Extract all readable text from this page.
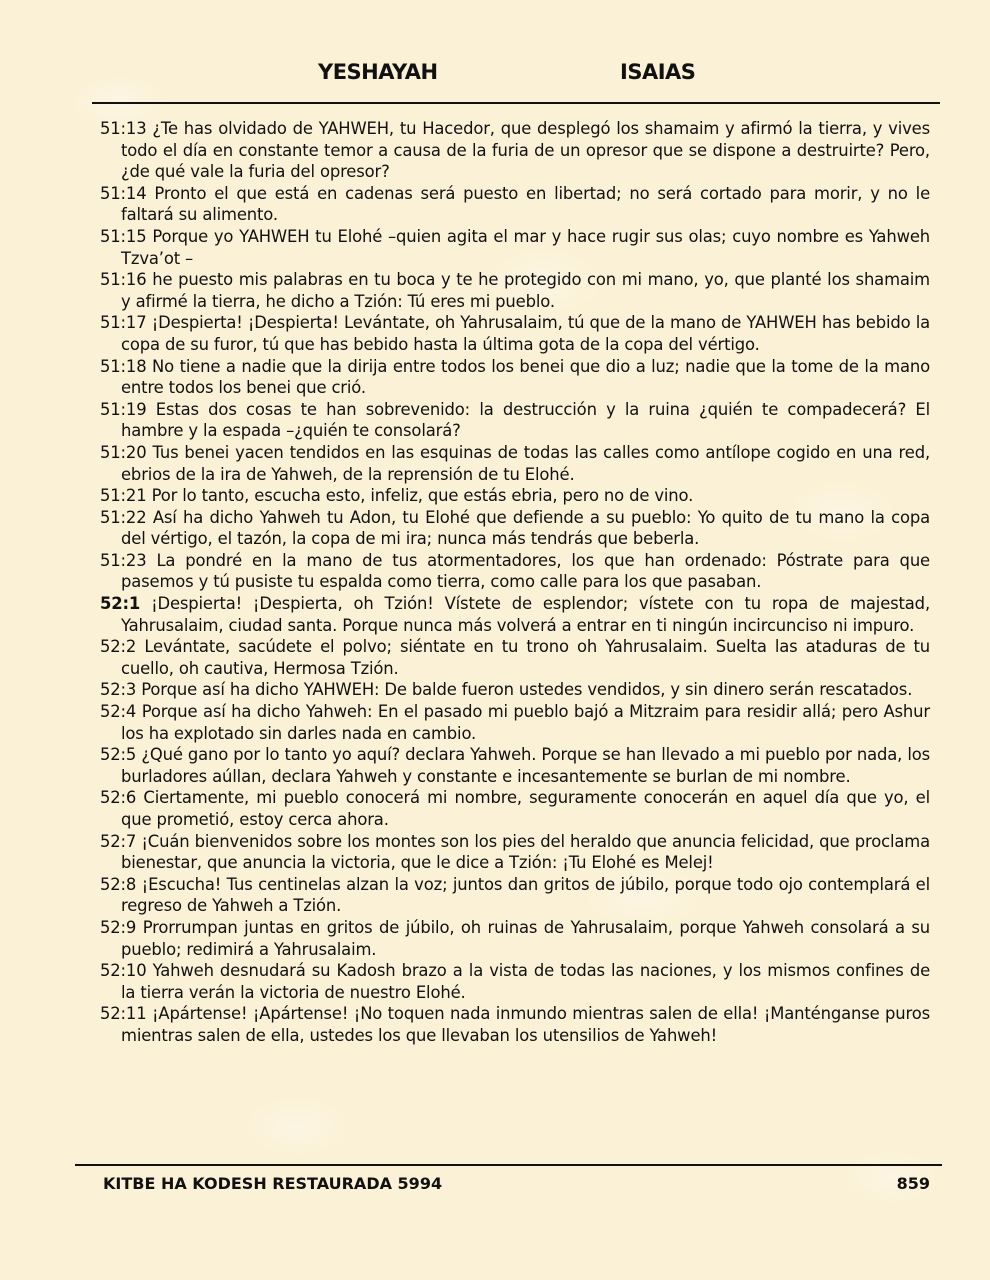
YESHAYAH	ISAIAS
51:13 ¿Te has olvidado de YAHWEH, tu Hacedor, que desplegó los shamaim y afirmó la tierra, y vives todo el día en constante temor a causa de la furia de un opresor que se dispone a destruirte? Pero, ¿de qué vale la furia del opresor?
51:14 Pronto el que está en cadenas será puesto en libertad; no será cortado para morir, y no le faltará su alimento.
51:15 Porque yo YAHWEH tu Elohé –quien agita el mar y hace rugir sus olas; cuyo nombre es Yahweh Tzva’ot –
51:16 he puesto mis palabras en tu boca y te he protegido con mi mano, yo, que planté los shamaim y afirmé la tierra, he dicho a Tzión: Tú eres mi pueblo.
51:17 ¡Despierta! ¡Despierta! Levántate, oh Yahrusalaim, tú que de la mano de YAHWEH has bebido la copa de su furor, tú que has bebido hasta la última gota de la copa del vértigo.
51:18 No tiene a nadie que la dirija entre todos los benei que dio a luz; nadie que la tome de la mano entre todos los benei que crió.
51:19 Estas dos cosas te han sobrevenido: la destrucción y la ruina ¿quién te compadecerá? El hambre y la espada –¿quién te consolará?
51:20 Tus benei yacen tendidos en las esquinas de todas las calles como antílope cogido en una red, ebrios de la ira de Yahweh, de la reprensión de tu Elohé.
51:21 Por lo tanto, escucha esto, infeliz, que estás ebria, pero no de vino.
51:22 Así ha dicho Yahweh tu Adon, tu Elohé que defiende a su pueblo: Yo quito de tu mano la copa del vértigo, el tazón, la copa de mi ira; nunca más tendrás que beberla.
51:23 La pondré en la mano de tus atormentadores, los que han ordenado: Póstrate para que pasemos y tú pusiste tu espalda como tierra, como calle para los que pasaban.
52:1 ¡Despierta! ¡Despierta, oh Tzión! Vístete de esplendor; vístete con tu ropa de majestad, Yahrusalaim, ciudad santa. Porque nunca más volverá a entrar en ti ningún incircunciso ni impuro.
52:2 Levántate, sacúdete el polvo; siéntate en tu trono oh Yahrusalaim. Suelta las ataduras de tu cuello, oh cautiva, Hermosa Tzión.
52:3 Porque así ha dicho YAHWEH: De balde fueron ustedes vendidos, y sin dinero serán rescatados.
52:4 Porque así ha dicho Yahweh: En el pasado mi pueblo bajó a Mitzraim para residir allá; pero Ashur los ha explotado sin darles nada en cambio.
52:5 ¿Qué gano por lo tanto yo aquí? declara Yahweh. Porque se han llevado a mi pueblo por nada, los burladores aúllan, declara Yahweh y constante e incesantemente se burlan de mi nombre.
52:6 Ciertamente, mi pueblo conocerá mi nombre, seguramente conocerán en aquel día que yo, el que prometió, estoy cerca ahora.
52:7 ¡Cuán bienvenidos sobre los montes son los pies del heraldo que anuncia felicidad, que proclama bienestar, que anuncia la victoria, que le dice a Tzión: ¡Tu Elohé es Melej!
52:8 ¡Escucha! Tus centinelas alzan la voz; juntos dan gritos de júbilo, porque todo ojo contemplará el regreso de Yahweh a Tzión.
52:9 Prorrumpan juntas en gritos de júbilo, oh ruinas de Yahrusalaim, porque Yahweh consolará a su pueblo; redimirá a Yahrusalaim.
52:10 Yahweh desnudará su Kadosh brazo a la vista de todas las naciones, y los mismos confines de la tierra verán la victoria de nuestro Elohé.
52:11 ¡Apártense! ¡Apártense! ¡No toquen nada inmundo mientras salen de ella! ¡Manténganse puros mientras salen de ella, ustedes los que llevaban los utensilios de Yahweh!
KITBE HA KODESH RESTAURADA 5994	859
